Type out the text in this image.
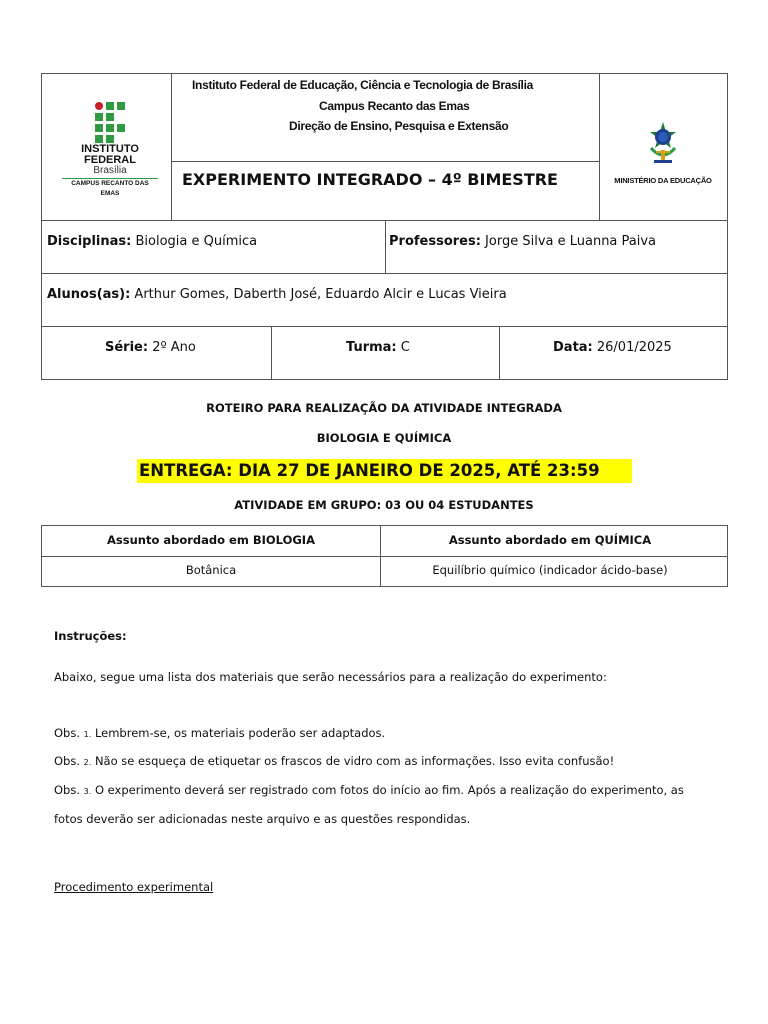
INSTITUTO
FEDERAL
Brasília
CAMPUS RECANTO DAS EMAS
Instituto Federal de Educação, Ciência e Tecnologia de Brasília
Campus Recanto das Emas
Direção de Ensino, Pesquisa e Extensão
EXPERIMENTO INTEGRADO – 4º BIMESTRE	MINISTÉRIO DA EDUCAÇÃO
Disciplinas: Biologia e Química	Professores: Jorge Silva e Luanna Paiva
Alunos(as): Arthur Gomes, Daberth José, Eduardo Alcir e Lucas Vieira
Série: 2º Ano	Turma: C	Data: 26/01/2025
ROTEIRO PARA REALIZAÇÃO DA ATIVIDADE INTEGRADA
BIOLOGIA E QUÍMICA
ENTREGA: DIA 27 DE JANEIRO DE 2025, ATÉ 23:59
ATIVIDADE EM GRUPO: 03 OU 04 ESTUDANTES
Assunto abordado em BIOLOGIA	Assunto abordado em QUÍMICA
Botânica	Equilíbrio químico (indicador ácido-base)
Instruções:
Abaixo, segue uma lista dos materiais que serão necessários para a realização do experimento:
Obs. 1. Lembrem-se, os materiais poderão ser adaptados.
Obs. 2. Não se esqueça de etiquetar os frascos de vidro com as informações. Isso evita confusão!
Obs. 3. O experimento deverá ser registrado com fotos do início ao fim. Após a realização do experimento, as
fotos deverão ser adicionadas neste arquivo e as questões respondidas.
Procedimento experimental
